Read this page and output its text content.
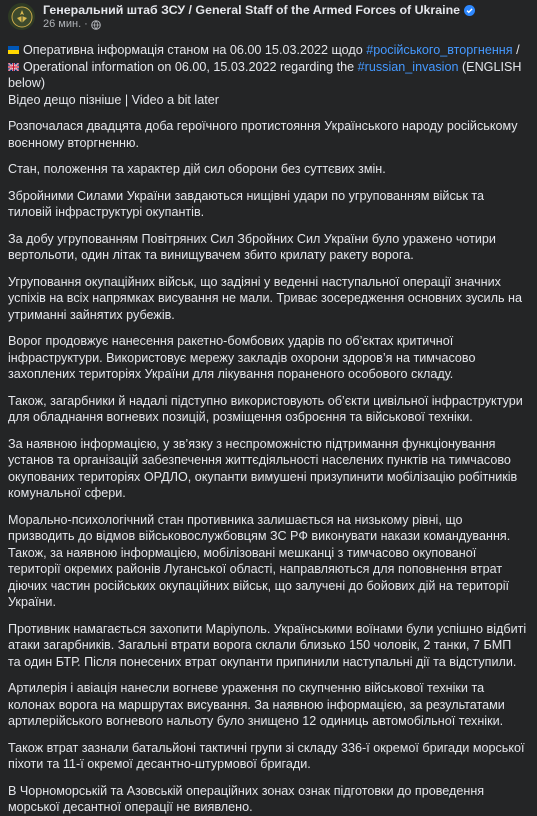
Генеральний штаб ЗСУ / General Staff of the Armed Forces of Ukraine
26 мин. ·
Оперативна інформація станом на 06.00 15.03.2022 щодо #російського_вторгнення / Operational information on 06.00, 15.03.2022 regarding the #russian_invasion (ENGLISH below)
Відео дещо пізніше | Video a bit later

Розпочалася двадцята доба героїчного протистояння Українського народу російському воєнному вторгненню.

Стан, положення та характер дій сил оборони без суттєвих змін.

Збройними Силами України завдаються нищівні удари по угрупованням військ та тиловій інфраструктурі окупантів.

За добу угрупованням Повітряних Сил Збройних Сил України було уражено чотири вертольоти, один літак та винищувачем збито крилату ракету ворога.

Угруповання окупаційних військ, що задіяні у веденні наступальної операції значних успіхів на всіх напрямках висування не мали. Триває зосередження основних зусиль на утриманні зайнятих рубежів.

Ворог продовжує нанесення ракетно-бомбових ударів по об’єктах критичної інфраструктури. Використовує мережу закладів охорони здоров’я на тимчасово захоплених територіях України для лікування пораненого особового складу.

Також, загарбники й надалі підступно використовують об’єкти цивільної інфраструктури для обладнання вогневих позицій, розміщення озброєння та військової техніки.

За наявною інформацією, у зв’язку з неспроможністю підтримання функціонування установ та організацій забезпечення життєдіяльності населених пунктів на тимчасово окупованих територіях ОРДЛО, окупанти вимушені призупинити мобілізацію робітників комунальної сфери.

Морально-психологічний стан противника залишається на низькому рівні, що призводить до відмов військовослужбовцям ЗС РФ виконувати накази командування. Також, за наявною інформацією, мобілізовані мешканці з тимчасово окупованої території окремих районів Луганської області, направляються для поповнення втрат діючих частин російських окупаційних військ, що залучені до бойових дій на території України.

Противник намагається захопити Маріуполь. Українськими воїнами були успішно відбиті атаки загарбників. Загальні втрати ворога склали близько 150 чоловік, 2 танки, 7 БМП та один БТР. Після понесених втрат окупанти припинили наступальні дії та відступили.

Артилерія і авіація нанесли вогневе ураження по скупченню військової техніки та колонах ворога на маршрутах висування. За наявною інформацією, за результатами артилерійського вогневого нальоту було знищено 12 одиниць автомобільної техніки.

Також втрат зазнали батальйоні тактичні групи зі складу 336-ї окремої бригади морської піхоти та 11-ї окремої десантно-штурмової бригади.

В Чорноморській та Азовській операційних зонах ознак підготовки до проведення морської десантної операції не виявлено.
